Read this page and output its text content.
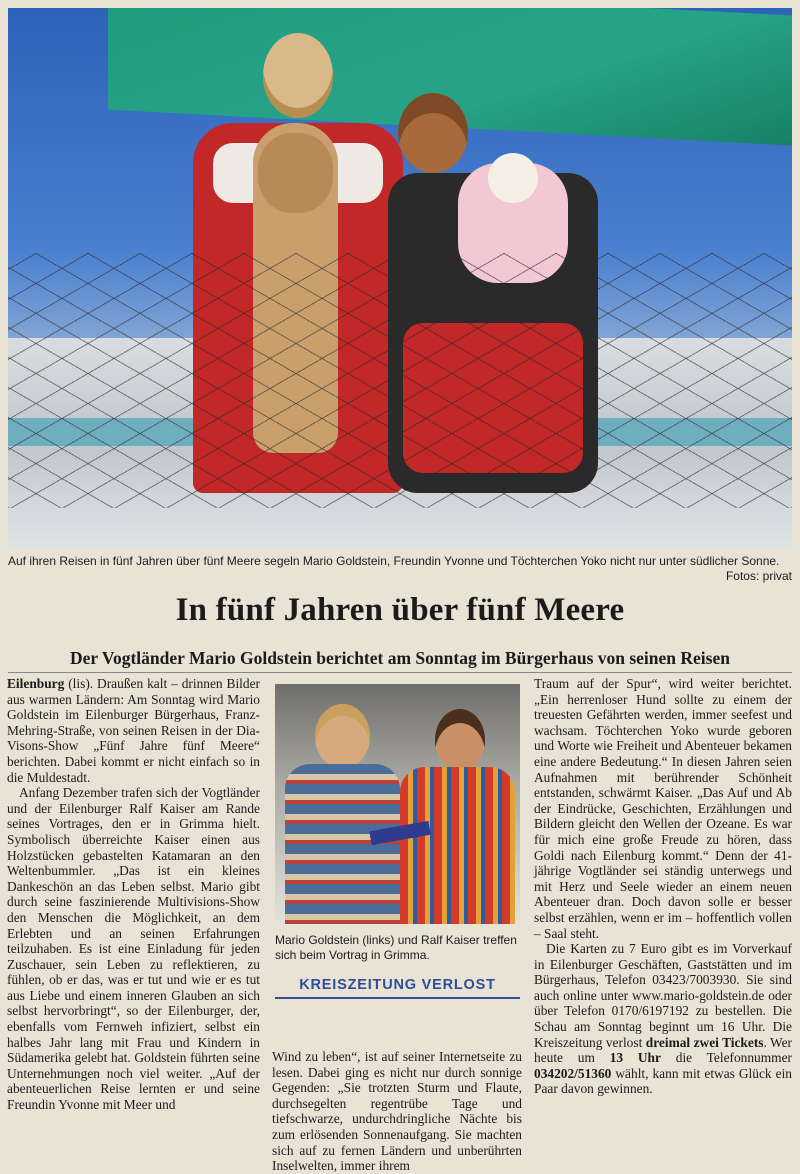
Auf ihren Reisen in fünf Jahren über fünf Meere segeln Mario Goldstein, Freundin Yvonne und Töchterchen Yoko nicht nur unter südlicher Sonne.
Fotos: privat
In fünf Jahren über fünf Meere
Der Vogtländer Mario Goldstein berichtet am Sonntag im Bürgerhaus von seinen Reisen

Eilenburg (lis). Draußen kalt – drinnen Bilder aus warmen Ländern: Am Sonntag wird Mario Goldstein im Eilenburger Bürgerhaus, Franz-Mehring-Straße, von seinen Reisen in der Dia-Visons-Show „Fünf Jahre fünf Meere“ berichten. Dabei kommt er nicht einfach so in die Muldestadt.

Anfang Dezember trafen sich der Vogtländer und der Eilenburger Ralf Kaiser am Rande seines Vortrages, den er in Grimma hielt. Symbolisch überreichte Kaiser einen aus Holzstücken gebastelten Katamaran an den Weltenbummler. „Das ist ein kleines Dankeschön an das Leben selbst. Mario gibt durch seine faszinierende Multivisions-Show den Menschen die Möglichkeit, an dem Erlebten und an seinen Erfahrungen teilzuhaben. Es ist eine Einladung für jeden Zuschauer, sein Leben zu reflektieren, zu fühlen, ob er das, was er tut und wie er es tut aus Liebe und einem inneren Glauben an sich selbst hervorbringt“, so der Eilenburger, der, ebenfalls vom Fernweh infiziert, selbst ein halbes Jahr lang mit Frau und Kindern in Südamerika gelebt hat. Goldstein führten seine Unternehmungen noch viel weiter. „Auf der abenteuerlichen Reise lernten er und seine Freundin Yvonne mit Meer und

Mario Goldstein (links) und Ralf Kaiser treffen sich beim Vortrag in Grimma.
KREISZEITUNG VERLOST

Wind zu leben“, ist auf seiner Internetseite zu lesen. Dabei ging es nicht nur durch sonnige Gegenden: „Sie trotzten Sturm und Flaute, durchsegelten regentrübe Tage und tiefschwarze, undurchdringliche Nächte bis zum erlösenden Sonnenaufgang. Sie machten sich auf zu fernen Ländern und unberührten Inselwelten, immer ihrem

Traum auf der Spur“, wird weiter berichtet. „Ein herrenloser Hund sollte zu einem der treuesten Gefährten werden, immer seefest und wachsam. Töchterchen Yoko wurde geboren und Worte wie Freiheit und Abenteuer bekamen eine andere Bedeutung.“ In diesen Jahren seien Aufnahmen mit berührender Schönheit entstanden, schwärmt Kaiser. „Das Auf und Ab der Eindrücke, Geschichten, Erzählungen und Bildern gleicht den Wellen der Ozeane. Es war für mich eine große Freude zu hören, dass Goldi nach Eilenburg kommt.“ Denn der 41-jährige Vogtländer sei ständig unterwegs und mit Herz und Seele wieder an einem neuen Abenteuer dran. Doch davon solle er besser selbst erzählen, wenn er im – hoffentlich vollen – Saal steht.

Die Karten zu 7 Euro gibt es im Vorverkauf in Eilenburger Geschäften, Gaststätten und im Bürgerhaus, Telefon 03423/7003930. Sie sind auch online unter www.mario-goldstein.de oder über Telefon 0170/6197192 zu bestellen. Die Schau am Sonntag beginnt um 16 Uhr. Die Kreiszeitung verlost dreimal zwei Tickets. Wer heute um 13 Uhr die Telefonnummer 034202/51360 wählt, kann mit etwas Glück ein Paar davon gewinnen.
